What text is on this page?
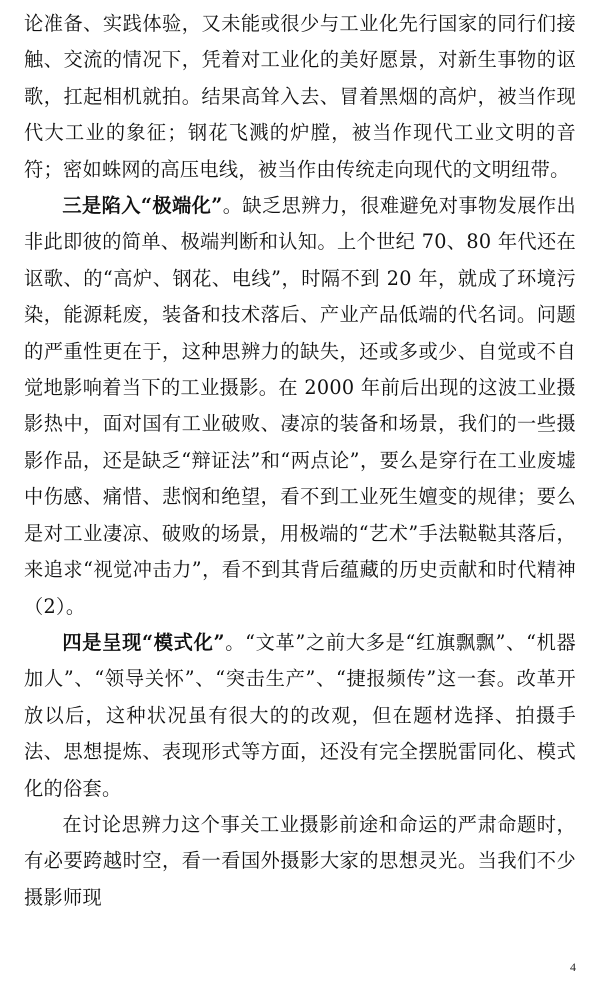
论准备、实践体验，又未能或很少与工业化先行国家的同行们接触、交流的情况下，凭着对工业化的美好愿景，对新生事物的讴歌，扛起相机就拍。结果高耸入去、冒着黑烟的高炉，被当作现代大工业的象征；钢花飞溅的炉膛，被当作现代工业文明的音符；密如蛛网的高压电线，被当作由传统走向现代的文明纽带。

三是陷入“极端化”。缺乏思辨力，很难避免对事物发展作出非此即彼的简单、极端判断和认知。上个世纪 70、80 年代还在讴歌、的“高炉、钢花、电线”，时隔不到 20 年，就成了环境污染，能源耗废，装备和技术落后、产业产品低端的代名词。问题的严重性更在于，这种思辨力的缺失，还或多或少、自觉或不自觉地影响着当下的工业摄影。在 2000 年前后出现的这波工业摄影热中，面对国有工业破败、凄凉的装备和场景，我们的一些摄影作品，还是缺乏“辩证法”和“两点论”，要么是穿行在工业废墟中伤感、痛惜、悲悯和绝望，看不到工业死生嬗变的规律；要么是对工业凄凉、破败的场景，用极端的“艺术”手法鞑鞑其落后，来追求“视觉冲击力”，看不到其背后蕴藏的历史贡献和时代精神（2）。

四是呈现“模式化”。“文革”之前大多是“红旗飘飘”、“机器加人”、“领导关怀”、“突击生产”、“捷报频传”这一套。改革开放以后，这种状况虽有很大的的改观，但在题材选择、拍摄手法、思想提炼、表现形式等方面，还没有完全摆脱雷同化、模式化的俗套。

在讨论思辨力这个事关工业摄影前途和命运的严肃命题时，有必要跨越时空，看一看国外摄影大家的思想灵光。当我们不少摄影师现

4
